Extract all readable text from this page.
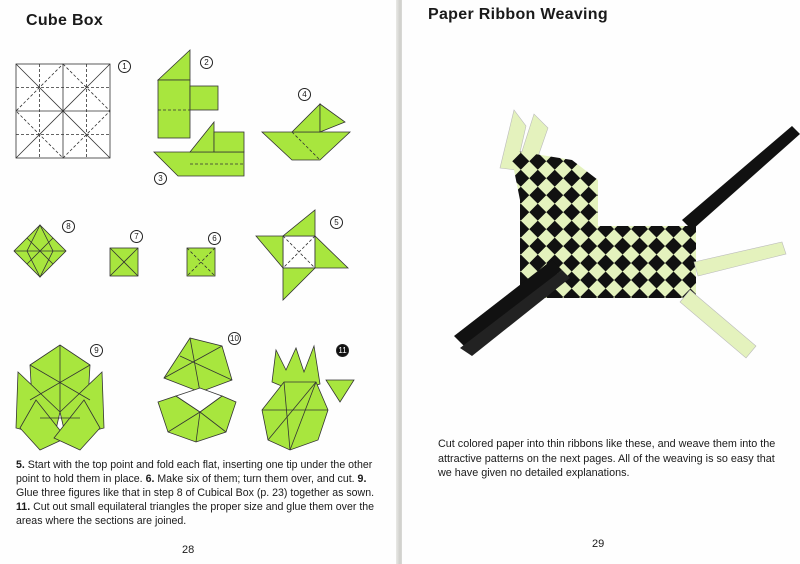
Cube Box
1	2
3
4
5
6
7
8
9
10
11
5. Start with the top point and fold each flat, inserting one tip under the other point to hold them in place. 6. Make six of them; turn them over, and cut. 9. Glue three figures like that in step 8 of Cubical Box (p. 23) together as sown. 11. Cut out small equilateral triangles the proper size and glue them over the areas where the sections are joined.
28
Paper Ribbon Weaving
Cut colored paper into thin ribbons like these, and weave them into the attractive patterns on the next pages. All of the weaving is so easy that we have given no detailed explanations.
29
